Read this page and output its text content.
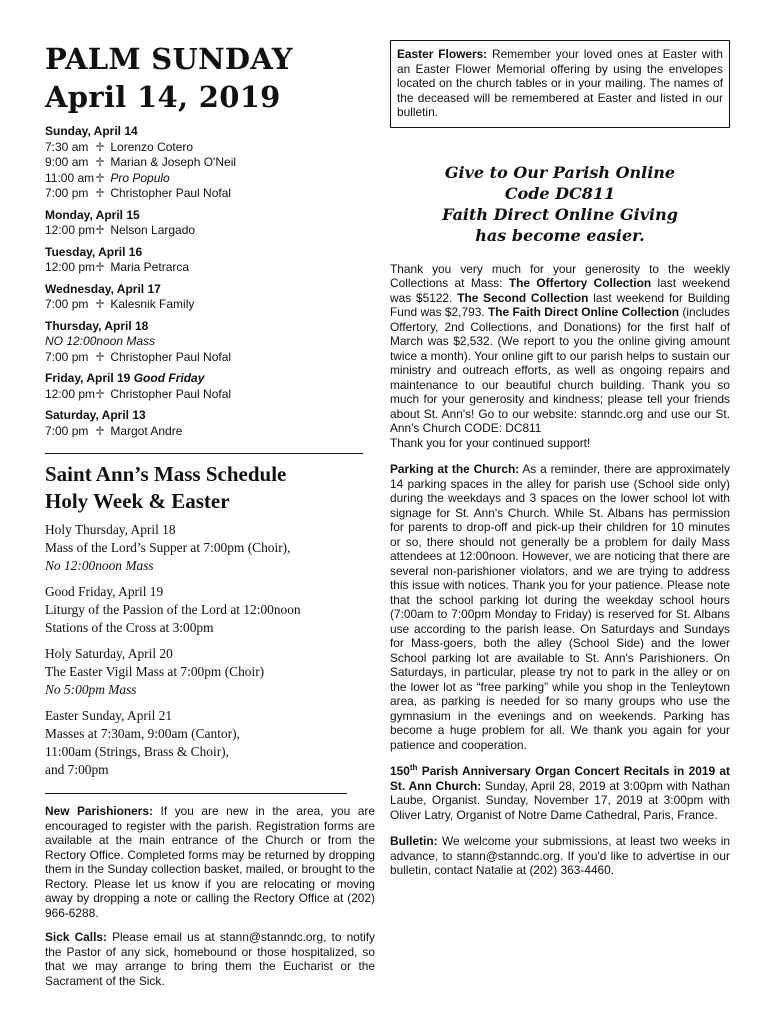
PALM SUNDAY
April 14, 2019
Sunday, April 14
7:30 am ♱ Lorenzo Cotero
9:00 am ♱ Marian & Joseph O'Neil
11:00 am♱ Pro Populo
7:00 pm ♱ Christopher Paul Nofal
Monday, April 15
12:00 pm♱ Nelson Largado
Tuesday, April 16
12:00 pm♱ Maria Petrarca
Wednesday, April 17
7:00 pm ♱ Kalesnik Family
Thursday, April 18
NO 12:00noon Mass
7:00 pm ♱ Christopher Paul Nofal
Friday, April 19 Good Friday
12:00 pm♱ Christopher Paul Nofal
Saturday, April 13
7:00 pm ♱ Margot Andre
Saint Ann’s Mass Schedule
Holy Week & Easter
Holy Thursday, April 18
Mass of the Lord’s Supper at 7:00pm (Choir),
No 12:00noon Mass
Good Friday, April 19
Liturgy of the Passion of the Lord at 12:00noon
Stations of the Cross at 3:00pm
Holy Saturday, April 20
The Easter Vigil Mass at 7:00pm (Choir)
No 5:00pm Mass
Easter Sunday, April 21
Masses at 7:30am, 9:00am (Cantor),
11:00am (Strings, Brass & Choir),
and 7:00pm

New Parishioners: If you are new in the area, you are encouraged to register with the parish. Registration forms are available at the main entrance of the Church or from the Rectory Office. Completed forms may be returned by dropping them in the Sunday collection basket, mailed, or brought to the Rectory. Please let us know if you are relocating or moving away by dropping a note or calling the Rectory Office at (202) 966-6288.

Sick Calls: Please email us at stann@stanndc.org, to notify the Pastor of any sick, homebound or those hospitalized, so that we may arrange to bring them the Eucharist or the Sacrament of the Sick.

Easter Flowers: Remember your loved ones at Easter with an Easter Flower Memorial offering by using the envelopes located on the church tables or in your mailing. The names of the deceased will be remembered at Easter and listed in our bulletin.

Give to Our Parish Online

Code DC811

Faith Direct Online Giving

has become easier.

Thank you very much for your generosity to the weekly Collections at Mass: The Offertory Collection last weekend was $5122. The Second Collection last weekend for Building Fund was $2,793. The Faith Direct Online Collection (includes Offertory, 2nd Collections, and Donations) for the first half of March was $2,532. (We report to you the online giving amount twice a month). Your online gift to our parish helps to sustain our ministry and outreach efforts, as well as ongoing repairs and maintenance to our beautiful church building. Thank you so much for your generosity and kindness; please tell your friends about St. Ann's! Go to our website: stanndc.org and use our St. Ann's Church CODE: DC811
Thank you for your continued support!

Parking at the Church: As a reminder, there are approximately 14 parking spaces in the alley for parish use (School side only) during the weekdays and 3 spaces on the lower school lot with signage for St. Ann's Church. While St. Albans has permission for parents to drop-off and pick-up their children for 10 minutes or so, there should not generally be a problem for daily Mass attendees at 12:00noon. However, we are noticing that there are several non-parishioner violators, and we are trying to address this issue with notices. Thank you for your patience. Please note that the school parking lot during the weekday school hours (7:00am to 7:00pm Monday to Friday) is reserved for St. Albans use according to the parish lease. On Saturdays and Sundays for Mass-goers, both the alley (School Side) and the lower School parking lot are available to St. Ann's Parishioners. On Saturdays, in particular, please try not to park in the alley or on the lower lot as “free parking” while you shop in the Tenleytown area, as parking is needed for so many groups who use the gymnasium in the evenings and on weekends. Parking has become a huge problem for all. We thank you again for your patience and cooperation.

150th Parish Anniversary Organ Concert Recitals in 2019 at St. Ann Church: Sunday, April 28, 2019 at 3:00pm with Nathan Laube, Organist. Sunday, November 17, 2019 at 3:00pm with Oliver Latry, Organist of Notre Dame Cathedral, Paris, France.

Bulletin: We welcome your submissions, at least two weeks in advance, to stann@stanndc.org. If you'd like to advertise in our bulletin, contact Natalie at (202) 363-4460.
